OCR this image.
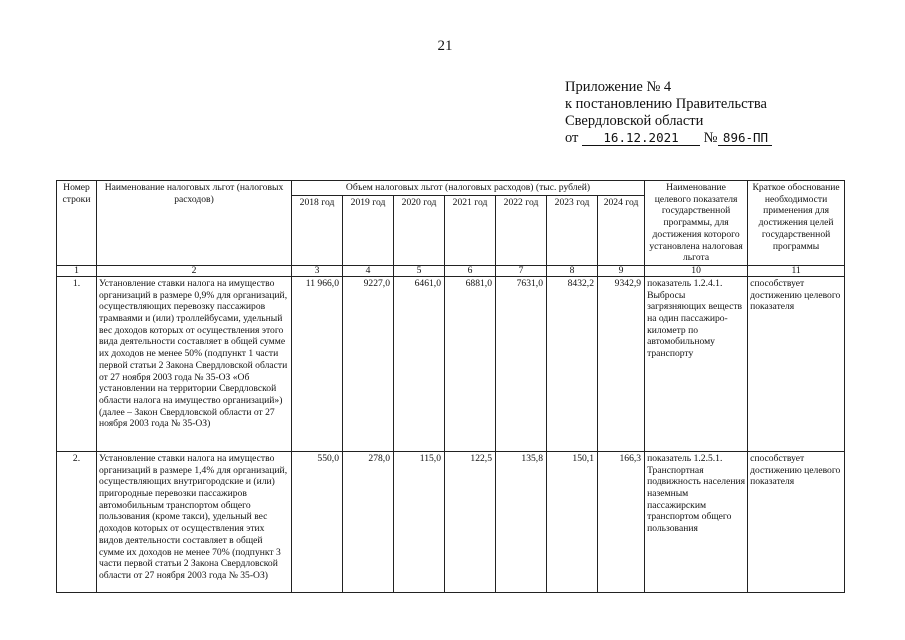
21
Приложение № 4
к постановлению Правительства
Свердловской области
от 16.12.2021 № 896-ПП
Номер строки	Наименование налоговых льгот (налоговых расходов)	Объем налоговых льгот (налоговых расходов) (тыс. рублей)							Наименование целевого показателя государственной программы, для достижения которого установлена налоговая льгота	Краткое обоснование необходимости применения для достижения целей государственной программы
		2018 год	2019 год	2020 год	2021 год	2022 год	2023 год	2024 год		
1	2	3	4	5	6	7	8	9	10	11
1.	Установление ставки налога на имущество организаций в размере 0,9% для организаций, осуществляющих перевозку пассажиров трамваями и (или) троллейбусами, удельный вес доходов которых от осуществления этого вида деятельности составляет в общей сумме их доходов не менее 50% (подпункт 1 части первой статьи 2 Закона Свердловской области от 27 ноября 2003 года № 35-ОЗ «Об установлении на территории Свердловской области налога на имущество организаций») (далее – Закон Свердловской области от 27 ноября 2003 года № 35-ОЗ)	11 966,0	9227,0	6461,0	6881,0	7631,0	8432,2	9342,9	показатель 1.2.4.1. Выбросы загрязняющих веществ на один пассажиро-километр по автомобильному транспорту	способствует достижению целевого показателя
2.	Установление ставки налога на имущество организаций в размере 1,4% для организаций, осуществляющих внутригородские и (или) пригородные перевозки пассажиров автомобильным транспортом общего пользования (кроме такси), удельный вес доходов которых от осуществления этих видов деятельности составляет в общей сумме их доходов не менее 70% (подпункт 3 части первой статьи 2 Закона Свердловской области от 27 ноября 2003 года № 35-ОЗ)	550,0	278,0	115,0	122,5	135,8	150,1	166,3	показатель 1.2.5.1. Транспортная подвижность населения наземным пассажирским транспортом общего пользования	способствует достижению целевого показателя
